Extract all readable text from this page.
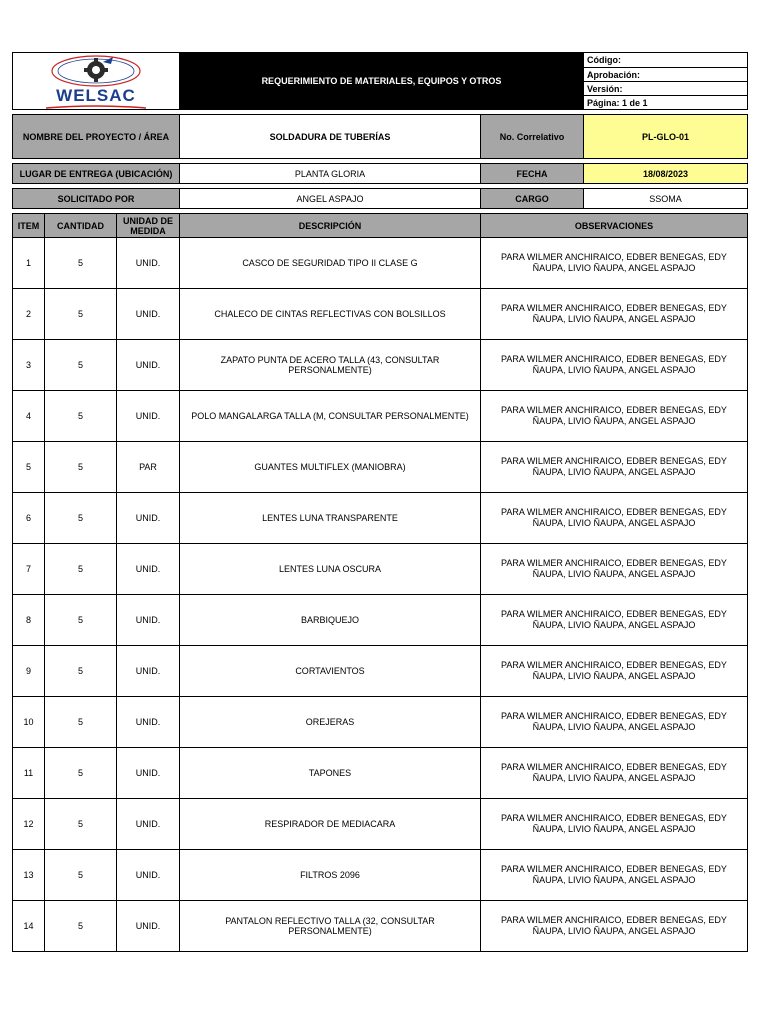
WELSAC			REQUERIMIENTO DE MATERIALES, EQUIPOS Y OTROS		Código:
					Aprobación:
					Versión:
					Página: 1 de 1

NOMBRE DEL PROYECTO / ÁREA			SOLDADURA DE TUBERÍAS	No. Correlativo	PL-GLO-01

LUGAR DE ENTREGA (UBICACIÓN)			PLANTA GLORIA	FECHA	18/08/2023

SOLICITADO POR			ANGEL ASPAJO	CARGO	SSOMA

ITEM	CANTIDAD	UNIDAD DE MEDIDA	DESCRIPCIÓN	OBSERVACIONES	
1	5	UNID.	CASCO DE SEGURIDAD TIPO II CLASE G	PARA WILMER ANCHIRAICO, EDBER BENEGAS, EDY ÑAUPA, LIVIO ÑAUPA, ANGEL ASPAJO	
2	5	UNID.	CHALECO DE CINTAS REFLECTIVAS CON BOLSILLOS	PARA WILMER ANCHIRAICO, EDBER BENEGAS, EDY ÑAUPA, LIVIO ÑAUPA, ANGEL ASPAJO	
3	5	UNID.	ZAPATO PUNTA DE ACERO TALLA (43, CONSULTAR PERSONALMENTE)	PARA WILMER ANCHIRAICO, EDBER BENEGAS, EDY ÑAUPA, LIVIO ÑAUPA, ANGEL ASPAJO	
4	5	UNID.	POLO MANGALARGA TALLA (M, CONSULTAR PERSONALMENTE)	PARA WILMER ANCHIRAICO, EDBER BENEGAS, EDY ÑAUPA, LIVIO ÑAUPA, ANGEL ASPAJO	
5	5	PAR	GUANTES MULTIFLEX (MANIOBRA)	PARA WILMER ANCHIRAICO, EDBER BENEGAS, EDY ÑAUPA, LIVIO ÑAUPA, ANGEL ASPAJO	
6	5	UNID.	LENTES LUNA TRANSPARENTE	PARA WILMER ANCHIRAICO, EDBER BENEGAS, EDY ÑAUPA, LIVIO ÑAUPA, ANGEL ASPAJO	
7	5	UNID.	LENTES LUNA OSCURA	PARA WILMER ANCHIRAICO, EDBER BENEGAS, EDY ÑAUPA, LIVIO ÑAUPA, ANGEL ASPAJO	
8	5	UNID.	BARBIQUEJO	PARA WILMER ANCHIRAICO, EDBER BENEGAS, EDY ÑAUPA, LIVIO ÑAUPA, ANGEL ASPAJO	
9	5	UNID.	CORTAVIENTOS	PARA WILMER ANCHIRAICO, EDBER BENEGAS, EDY ÑAUPA, LIVIO ÑAUPA, ANGEL ASPAJO	
10	5	UNID.	OREJERAS	PARA WILMER ANCHIRAICO, EDBER BENEGAS, EDY ÑAUPA, LIVIO ÑAUPA, ANGEL ASPAJO	
11	5	UNID.	TAPONES	PARA WILMER ANCHIRAICO, EDBER BENEGAS, EDY ÑAUPA, LIVIO ÑAUPA, ANGEL ASPAJO	
12	5	UNID.	RESPIRADOR DE MEDIACARA	PARA WILMER ANCHIRAICO, EDBER BENEGAS, EDY ÑAUPA, LIVIO ÑAUPA, ANGEL ASPAJO	
13	5	UNID.	FILTROS 2096	PARA WILMER ANCHIRAICO, EDBER BENEGAS, EDY ÑAUPA, LIVIO ÑAUPA, ANGEL ASPAJO	
14	5	UNID.	PANTALON REFLECTIVO TALLA (32, CONSULTAR PERSONALMENTE)	PARA WILMER ANCHIRAICO, EDBER BENEGAS, EDY ÑAUPA, LIVIO ÑAUPA, ANGEL ASPAJO	
